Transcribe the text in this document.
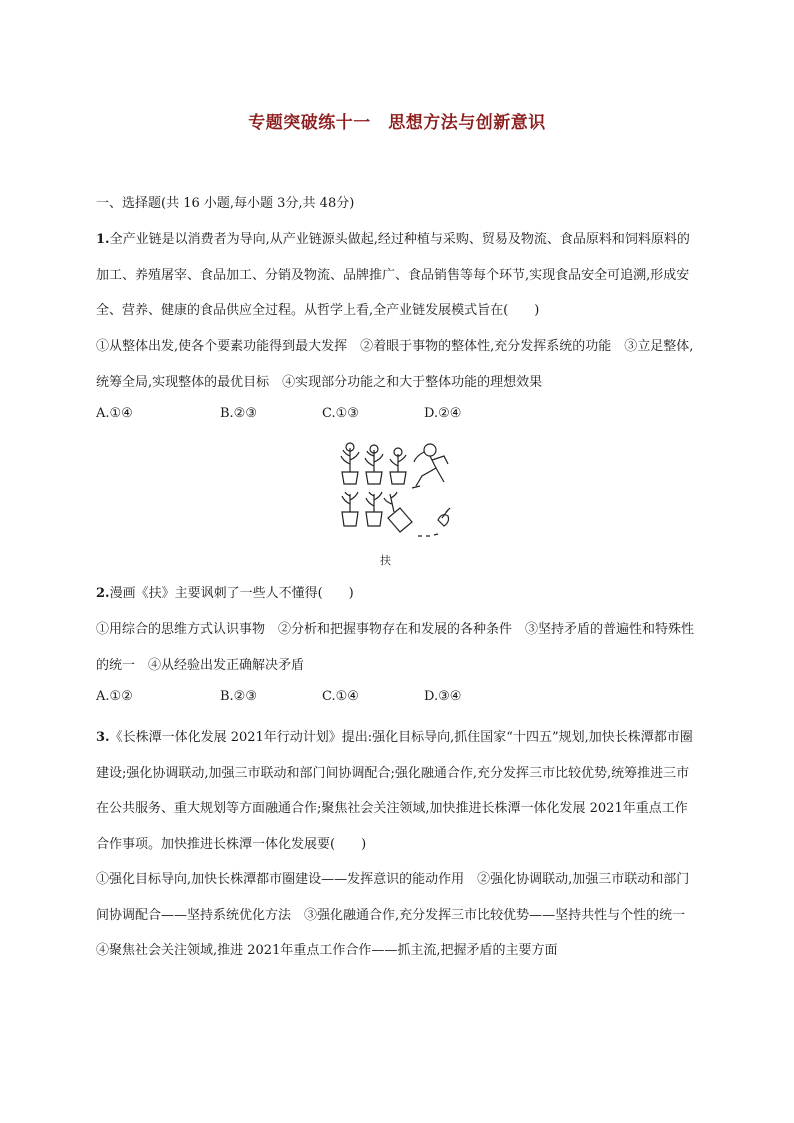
专题突破练十一　思想方法与创新意识

一、选择题(共 16 小题,每小题 3分,共 48分)

1.全产业链是以消费者为导向,从产业链源头做起,经过种植与采购、贸易及物流、食品原料和饲料原料的加工、养殖屠宰、食品加工、分销及物流、品牌推广、食品销售等每个环节,实现食品安全可追溯,形成安全、营养、健康的食品供应全过程。从哲学上看,全产业链发展模式旨在(　　)

①从整体出发,使各个要素功能得到最大发挥　②着眼于事物的整体性,充分发挥系统的功能　③立足整体,统筹全局,实现整体的最优目标　④实现部分功能之和大于整体功能的理想效果

A.①④	B.②③	C.①③	D.②④
扶

2.漫画《扶》主要讽刺了一些人不懂得(　　)

①用综合的思维方式认识事物　②分析和把握事物存在和发展的各种条件　③坚持矛盾的普遍性和特殊性的统一　④从经验出发正确解决矛盾

A.①②	B.②③	C.①④	D.③④

3.《长株潭一体化发展 2021年行动计划》提出:强化目标导向,抓住国家“十四五”规划,加快长株潭都市圈建设;强化协调联动,加强三市联动和部门间协调配合;强化融通合作,充分发挥三市比较优势,统筹推进三市在公共服务、重大规划等方面融通合作;聚焦社会关注领域,加快推进长株潭一体化发展 2021年重点工作合作事项。加快推进长株潭一体化发展要(　　)

①强化目标导向,加快长株潭都市圈建设——发挥意识的能动作用　②强化协调联动,加强三市联动和部门间协调配合——坚持系统优化方法　③强化融通合作,充分发挥三市比较优势——坚持共性与个性的统一　④聚焦社会关注领域,推进 2021年重点工作合作——抓主流,把握矛盾的主要方面
